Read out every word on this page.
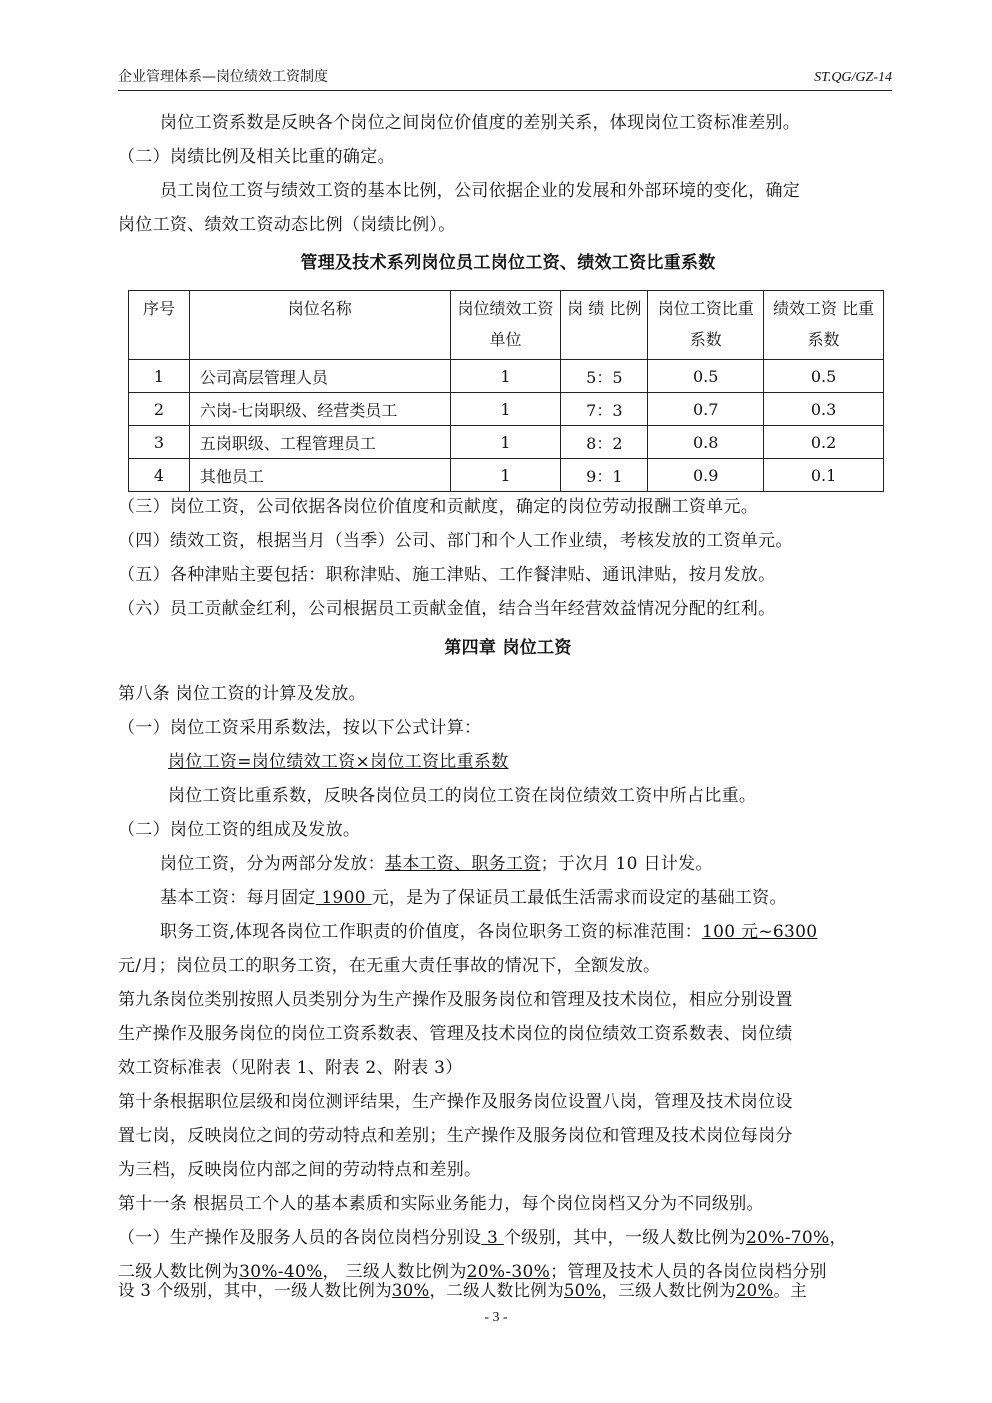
企业管理体系—岗位绩效工资制度	ST.QG/GZ-14
岗位工资系数是反映各个岗位之间岗位价值度的差别关系，体现岗位工资标准差别。
（二）岗绩比例及相关比重的确定。
员工岗位工资与绩效工资的基本比例，公司依据企业的发展和外部环境的变化，确定
岗位工资、绩效工资动态比例（岗绩比例）。
管理及技术系列岗位员工岗位工资、绩效工资比重系数
序号	岗位名称	岗位绩效工资单位	岗 绩 比例	岗位工资比重系数	绩效工资 比重系数
1	公司高层管理人员	1	5：5	0.5	0.5
2	六岗-七岗职级、经营类员工	1	7：3	0.7	0.3
3	五岗职级、工程管理员工	1	8：2	0.8	0.2
4	其他员工	1	9：1	0.9	0.1
（三）岗位工资，公司依据各岗位价值度和贡献度，确定的岗位劳动报酬工资单元。
（四）绩效工资，根据当月（当季）公司、部门和个人工作业绩，考核发放的工资单元。
（五）各种津贴主要包括：职称津贴、施工津贴、工作餐津贴、通讯津贴，按月发放。
（六）员工贡献金红利，公司根据员工贡献金值，结合当年经营效益情况分配的红利。
第四章 岗位工资
第八条 岗位工资的计算及发放。
（一）岗位工资采用系数法，按以下公式计算：
岗位工资=岗位绩效工资×岗位工资比重系数
岗位工资比重系数，反映各岗位员工的岗位工资在岗位绩效工资中所占比重。
（二）岗位工资的组成及发放。
岗位工资，分为两部分发放：基本工资、职务工资；于次月 10 日计发。
基本工资：每月固定 1900 元，是为了保证员工最低生活需求而设定的基础工资。
职务工资,体现各岗位工作职责的价值度，各岗位职务工资的标准范围：100 元~6300
元/月；岗位员工的职务工资，在无重大责任事故的情况下，全额发放。
第九条岗位类别按照人员类别分为生产操作及服务岗位和管理及技术岗位，相应分别设置
生产操作及服务岗位的岗位工资系数表、管理及技术岗位的岗位绩效工资系数表、岗位绩
效工资标准表（见附表 1、附表 2、附表 3）
第十条根据职位层级和岗位测评结果，生产操作及服务岗位设置八岗，管理及技术岗位设
置七岗，反映岗位之间的劳动特点和差别；生产操作及服务岗位和管理及技术岗位每岗分
为三档，反映岗位内部之间的劳动特点和差别。
第十一条 根据员工个人的基本素质和实际业务能力，每个岗位岗档又分为不同级别。
（一）生产操作及服务人员的各岗位岗档分别设 3 个级别，其中，一级人数比例为20%-70%，
二级人数比例为30%-40%， 三级人数比例为20%-30%；管理及技术人员的各岗位岗档分别
设 3 个级别，其中，一级人数比例为30%，二级人数比例为50%，三级人数比例为20%。主
- 3 -
